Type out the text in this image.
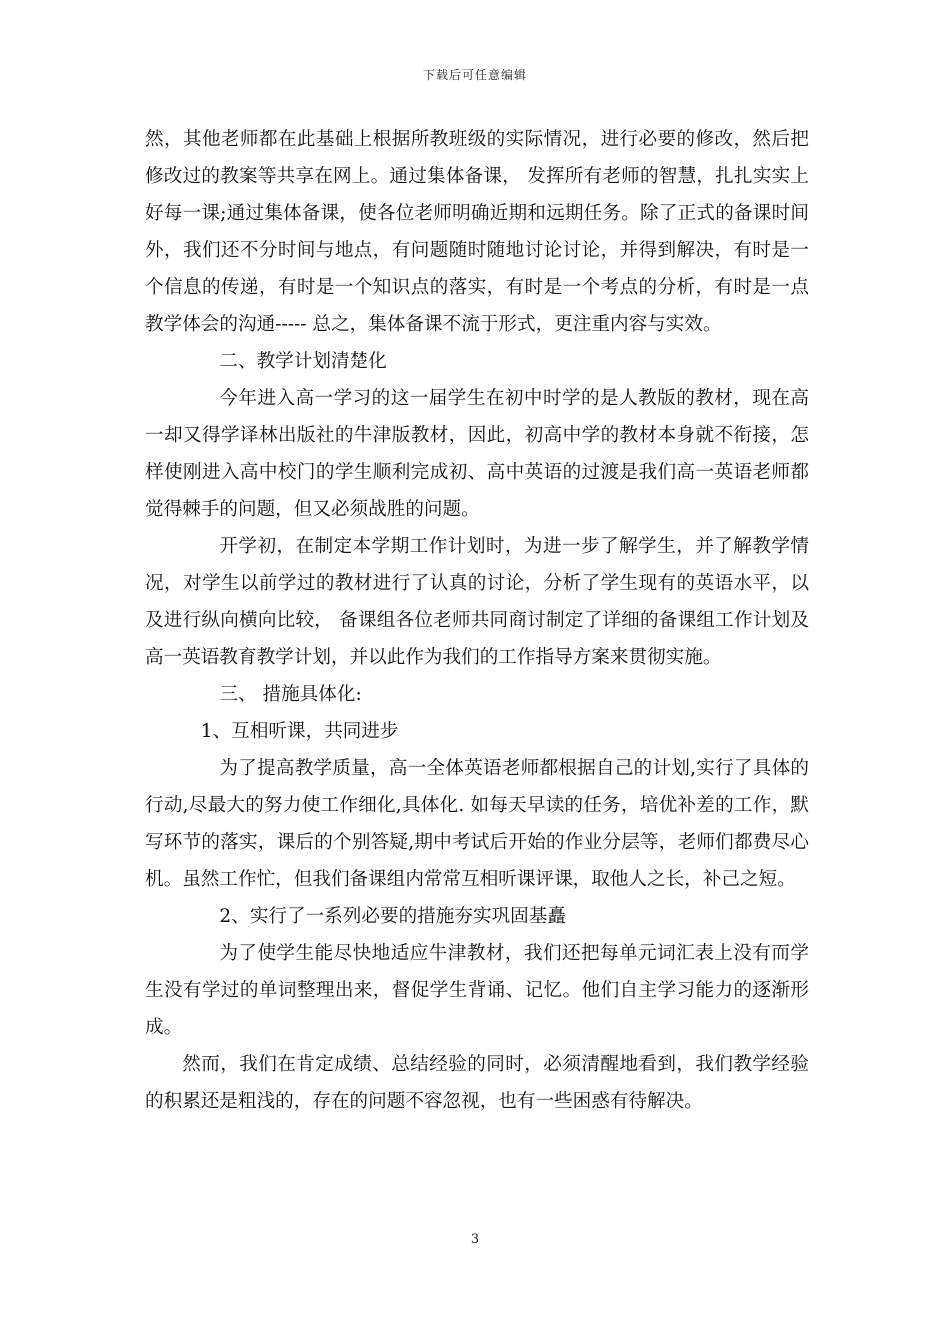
下载后可任意编辑

然，其他老师都在此基础上根据所教班级的实际情况，进行必要的修改，然后把修改过的教案等共享在网上。通过集体备课， 发挥所有老师的智慧，扎扎实实上好每一课;通过集体备课，使各位老师明确近期和远期任务。除了正式的备课时间外，我们还不分时间与地点，有问题随时随地讨论讨论，并得到解决，有时是一个信息的传递，有时是一个知识点的落实，有时是一个考点的分析，有时是一点教学体会的沟通----- 总之，集体备课不流于形式，更注重内容与实效。

二、教学计划清楚化

今年进入高一学习的这一届学生在初中时学的是人教版的教材，现在高一却又得学译林出版社的牛津版教材，因此，初高中学的教材本身就不衔接，怎样使刚进入高中校门的学生顺利完成初、高中英语的过渡是我们高一英语老师都觉得棘手的问题，但又必须战胜的问题。

开学初，在制定本学期工作计划时，为进一步了解学生，并了解教学情况，对学生以前学过的教材进行了认真的讨论，分析了学生现有的英语水平，以及进行纵向横向比较， 备课组各位老师共同商讨制定了详细的备课组工作计划及高一英语教育教学计划，并以此作为我们的工作指导方案来贯彻实施。

三、 措施具体化:

1、互相听课，共同进步

为了提高教学质量，高一全体英语老师都根据自己的计划,实行了具体的行动,尽最大的努力使工作细化,具体化. 如每天早读的任务，培优补差的工作，默写环节的落实，课后的个别答疑,期中考试后开始的作业分层等，老师们都费尽心机。虽然工作忙，但我们备课组内常常互相听课评课，取他人之长，补己之短。

2、实行了一系列必要的措施夯实巩固基矗

为了使学生能尽快地适应牛津教材，我们还把每单元词汇表上没有而学生没有学过的单词整理出来，督促学生背诵、记忆。他们自主学习能力的逐渐形成。

然而，我们在肯定成绩、总结经验的同时，必须清醒地看到，我们教学经验的积累还是粗浅的，存在的问题不容忽视，也有一些困惑有待解决。

3
